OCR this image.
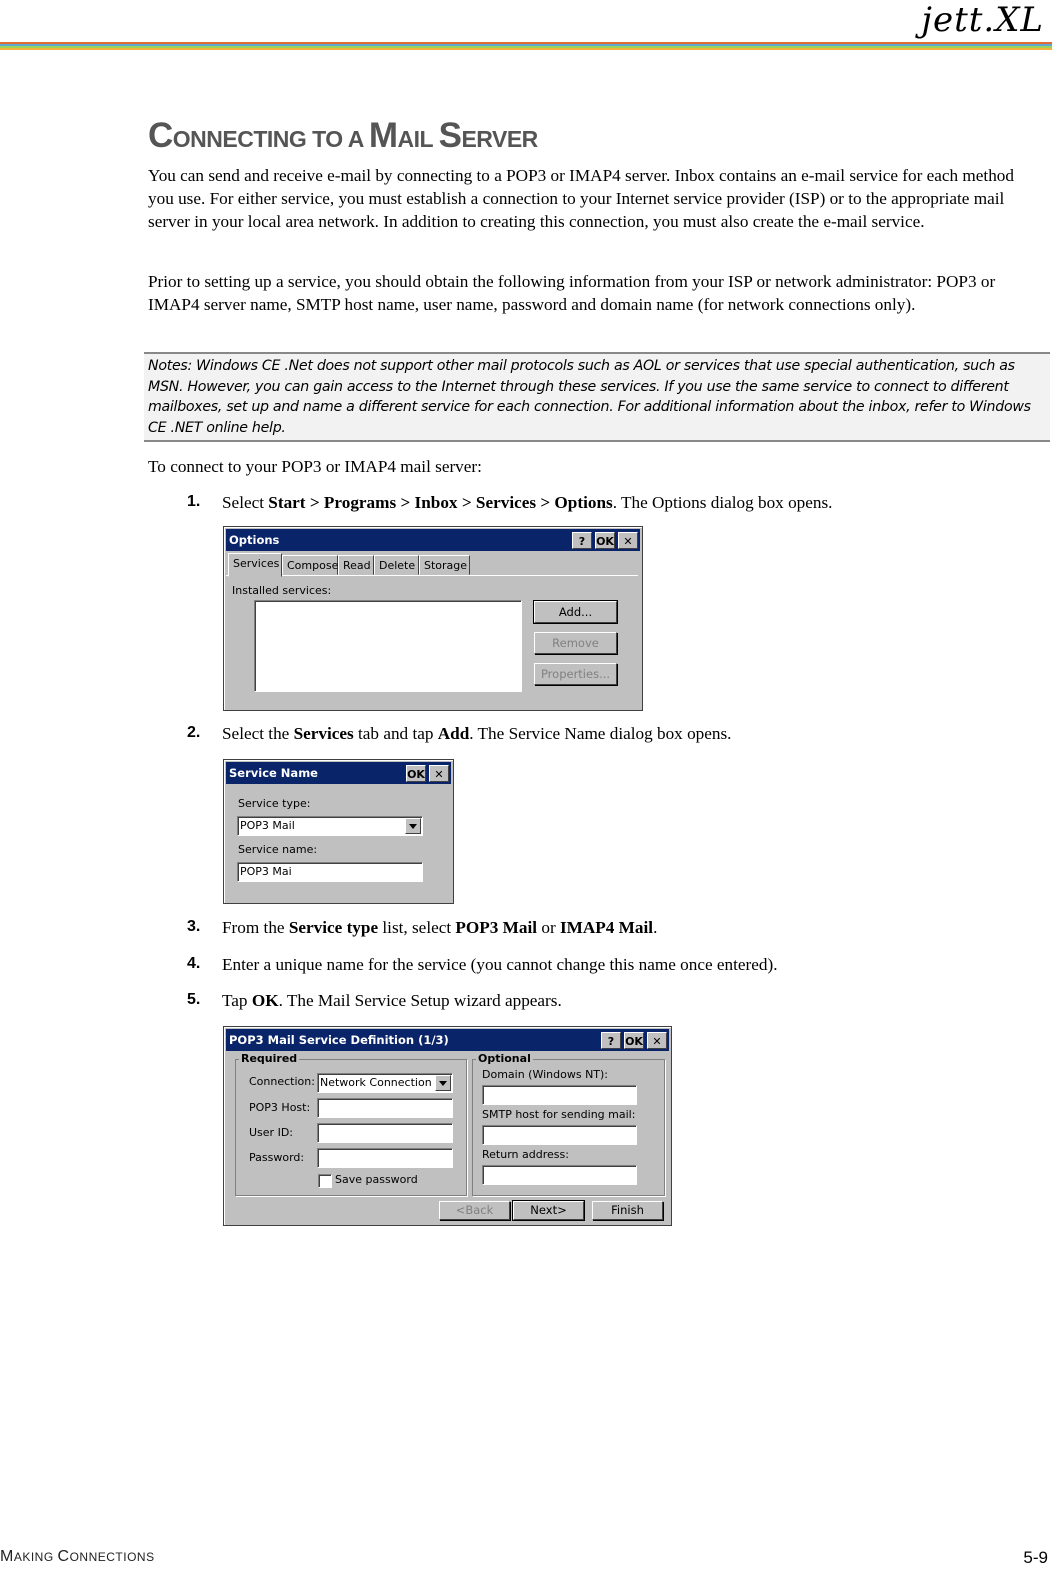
jett.XL
CONNECTING TO A MAIL SERVER

You can send and receive e-mail by connecting to a POP3 or IMAP4 server. Inbox contains an e-mail service for each method you use. For either service, you must establish a connection to your Internet service provider (ISP) or to the appropriate mail server in your local area network. In addition to creating this connection, you must also create the e-mail service.

Prior to setting up a service, you should obtain the following information from your ISP or network administrator: POP3 or IMAP4 server name, SMTP host name, user name, password and domain name (for network connections only).

Notes: Windows CE .Net does not support other mail protocols such as AOL or services that use special authentication, such as MSN. However, you can gain access to the Internet through these services. If you use the same service to connect to different mailboxes, set up and name a different service for each connection. For additional information about the inbox, refer to Windows CE .NET online help.

To connect to your POP3 or IMAP4 mail server:

1. Select Start > Programs > Inbox > Services > Options. The Options dialog box opens.
Options	? OK ✕
Services Compose Read Delete Storage
Installed services:
Add...
Remove
Properties...
2. Select the Services tab and tap Add. The Service Name dialog box opens.
Service Name	OK ✕
Service type:
POP3 Mail
Service name:
POP3 Mai
3. From the Service type list, select POP3 Mail or IMAP4 Mail.
4. Enter a unique name for the service (you cannot change this name once entered).
5. Tap OK. The Mail Service Setup wizard appears.
POP3 Mail Service Definition (1/3)	? OK ✕
Required
Connection: Network Connection
POP3 Host:
User ID:
Password:
Save password
Optional
Domain (Windows NT):
SMTP host for sending mail:
Return address:
<Back	Next>	Finish
MAKING CONNECTIONS	5-9
